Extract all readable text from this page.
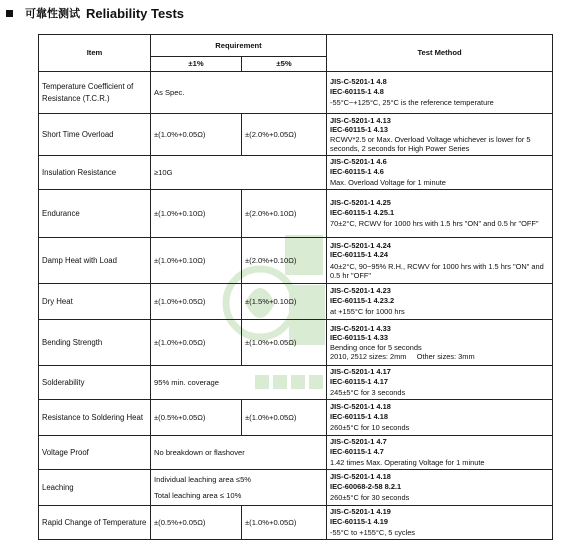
可靠性测试 Reliability Tests
Item	Requirement		Test Method
	±1%	±5%	
Temperature Coefficient of Resistance (T.C.R.)	As Spec.		JIS-C-5201-1 4.8
IEC-60115-1 4.8
-55°C~+125°C, 25°C is the reference temperature

Short Time Overload	±(1.0%+0.05Ω)	±(2.0%+0.05Ω)	JIS-C-5201-1 4.13
IEC-60115-1 4.13
RCWV*2.5 or Max. Overload Voltage whichever is lower for 5 seconds, 2 seconds for High Power Series

Insulation Resistance	≥10G		JIS-C-5201-1 4.6
IEC-60115-1 4.6
Max. Overload Voltage for 1 minute

Endurance	±(1.0%+0.10Ω)	±(2.0%+0.10Ω)	JIS-C-5201-1 4.25
IEC-60115-1 4.25.1
70±2°C, RCWV for 1000 hrs with 1.5 hrs "ON" and 0.5 hr "OFF"

Damp Heat with Load	±(1.0%+0.10Ω)	±(2.0%+0.10Ω)	JIS-C-5201-1 4.24
IEC-60115-1 4.24
40±2°C, 90~95% R.H., RCWV for 1000 hrs with 1.5 hrs "ON" and 0.5 hr "OFF"

Dry Heat	±(1.0%+0.05Ω)	±(1.5%+0.10Ω)	JIS-C-5201-1 4.23
IEC-60115-1 4.23.2
at +155°C for 1000 hrs

Bending Strength	±(1.0%+0.05Ω)	±(1.0%+0.05Ω)	JIS-C-5201-1 4.33
IEC-60115-1 4.33
Bending once for 5 seconds
2010, 2512 sizes: 2mm     Other sizes: 3mm

Solderability	95% min. coverage		JIS-C-5201-1 4.17
IEC-60115-1 4.17
245±5°C for 3 seconds

Resistance to Soldering Heat	±(0.5%+0.05Ω)	±(1.0%+0.05Ω)	JIS-C-5201-1 4.18
IEC-60115-1 4.18
260±5°C for 10 seconds

Voltage Proof	No breakdown or flashover		JIS-C-5201-1 4.7
IEC-60115-1 4.7
1.42 times Max. Operating Voltage for 1 minute

Leaching	Individual leaching area ≤5%
Total leaching area ≤ 10%		JIS-C-5201-1 4.18
IEC-60068-2-58 8.2.1
260±5°C for 30 seconds

Rapid Change of Temperature	±(0.5%+0.05Ω)	±(1.0%+0.05Ω)	JIS-C-5201-1 4.19
IEC-60115-1 4.19
-55°C to +155°C, 5 cycles
